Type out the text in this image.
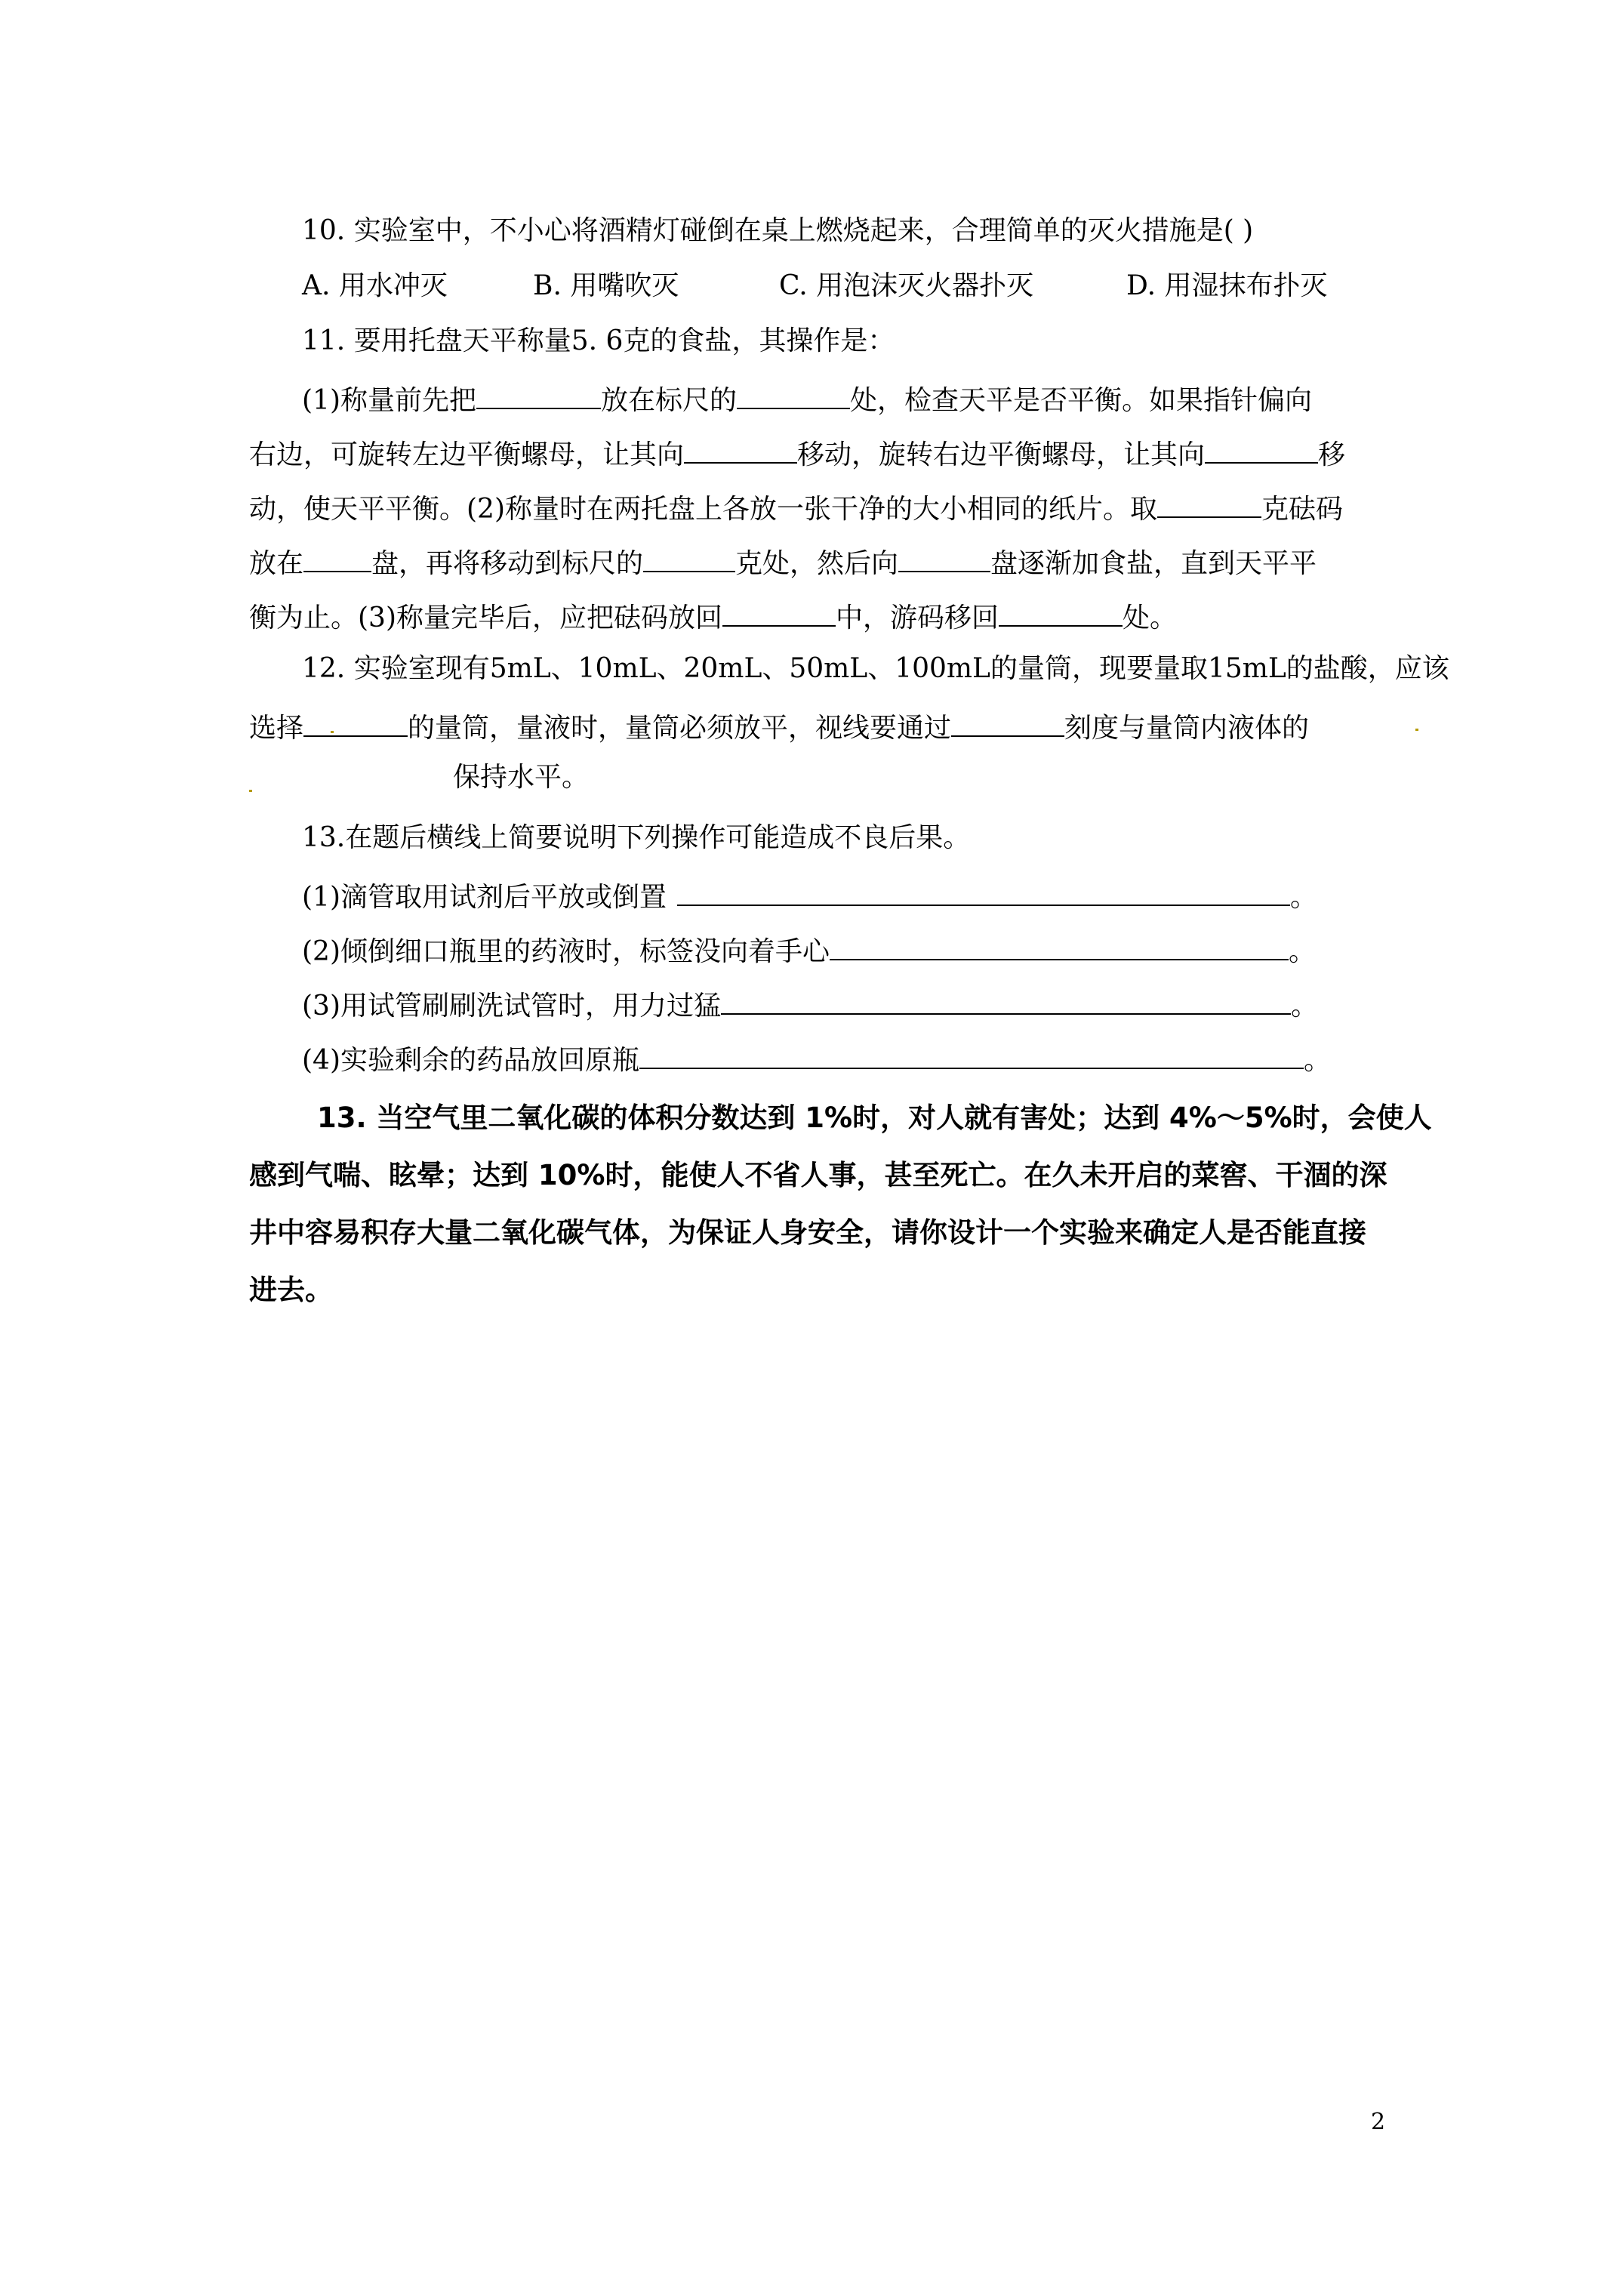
10. 实验室中，不小心将酒精灯碰倒在桌上燃烧起来，合理简单的灭火措施是( )
A. 用水冲灭	B. 用嘴吹灭	C. 用泡沫灭火器扑灭	D. 用湿抹布扑灭
11. 要用托盘天平称量5. 6克的食盐，其操作是：
(1)称量前先把	放在标尺的	处，检查天平是否平衡。如果指针偏向
右边，可旋转左边平衡螺母，让其向	移动，旋转右边平衡螺母，让其向	移
动，使天平平衡。(2)称量时在两托盘上各放一张干净的大小相同的纸片。取	克砝码
放在	盘，再将移动到标尺的	克处，然后向	盘逐渐加食盐，直到天平平
衡为止。(3)称量完毕后，应把砝码放回	中，游码移回	处。
12. 实验室现有5mL、10mL、20mL、50mL、100mL的量筒，现要量取15mL的盐酸，应该
选择	的量筒，量液时，量筒必须放平，视线要通过	刻度与量筒内液体的
保持水平。
13.在题后横线上简要说明下列操作可能造成不良后果。
(1)滴管取用试剂后平放或倒置	。
(2)倾倒细口瓶里的药液时，标签没向着手心	。
(3)用试管刷刷洗试管时，用力过猛	。
(4)实验剩余的药品放回原瓶	。
13. 当空气里二氧化碳的体积分数达到 1%时，对人就有害处；达到 4%～5%时，会使人
感到气喘、眩晕；达到 10%时，能使人不省人事，甚至死亡。在久未开启的菜窖、干涸的深
井中容易积存大量二氧化碳气体，为保证人身安全，请你设计一个实验来确定人是否能直接
进去。
2
